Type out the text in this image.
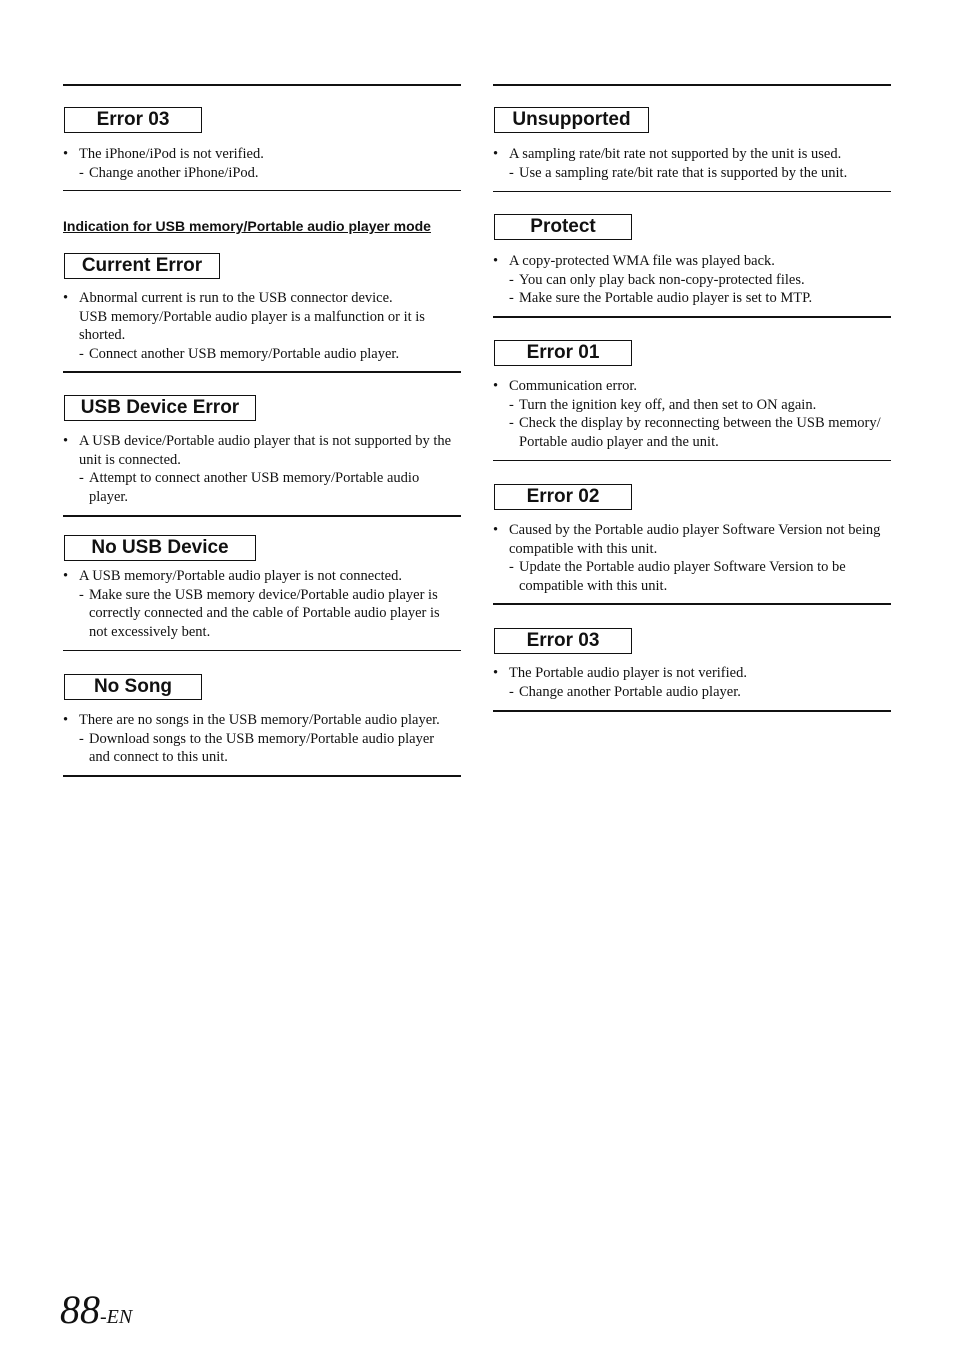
Error 03
• The iPhone/iPod is not verified.
- Change another iPhone/iPod.
Indication for USB memory/Portable audio player mode
Current Error
• Abnormal current is run to the USB connector device.
USB memory/Portable audio player is a malfunction or it is
shorted.
- Connect another USB memory/Portable audio player.
USB Device Error
• A USB device/Portable audio player that is not supported by the
unit is connected.
- Attempt to connect another USB memory/Portable audio
player.
No USB Device
• A USB memory/Portable audio player is not connected.
- Make sure the USB memory device/Portable audio player is
correctly connected and the cable of Portable audio player is
not excessively bent.
No Song
• There are no songs in the USB memory/Portable audio player.
- Download songs to the USB memory/Portable audio player
and connect to this unit.
Unsupported
• A sampling rate/bit rate not supported by the unit is used.
- Use a sampling rate/bit rate that is supported by the unit.
Protect
• A copy-protected WMA file was played back.
- You can only play back non-copy-protected files.
- Make sure the Portable audio player is set to MTP.
Error 01
• Communication error.
- Turn the ignition key off, and then set to ON again.
- Check the display by reconnecting between the USB memory/
Portable audio player and the unit.
Error 02
• Caused by the Portable audio player Software Version not being
compatible with this unit.
- Update the Portable audio player Software Version to be
compatible with this unit.
Error 03
• The Portable audio player is not verified.
- Change another Portable audio player.
88-EN
